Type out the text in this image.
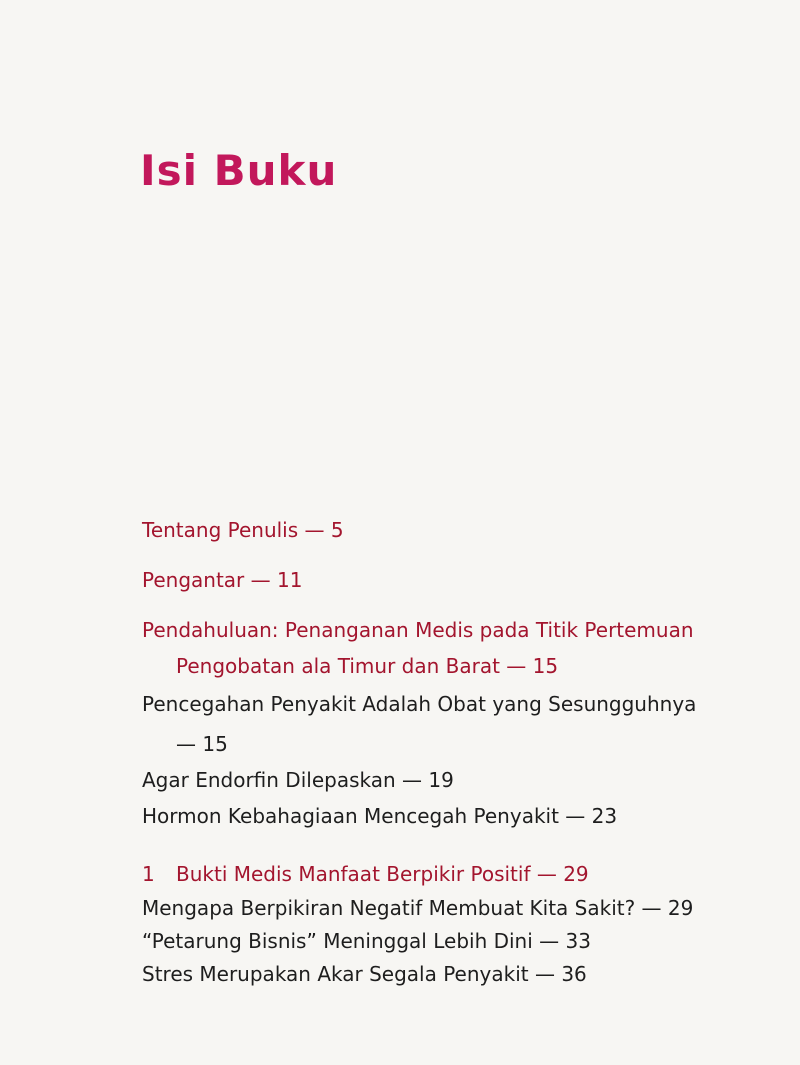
Isi Buku

Tentang Penulis — 5

Pengantar — 11

Pendahuluan: Penanganan Medis pada Titik Pertemuan
Pengobatan ala Timur dan Barat — 15

Pencegahan Penyakit Adalah Obat yang Sesungguhnya
— 15

Agar Endorfin Dilepaskan — 19

Hormon Kebahagiaan Mencegah Penyakit — 23

1 Bukti Medis Manfaat Berpikir Positif — 29

Mengapa Berpikiran Negatif Membuat Kita Sakit? — 29

“Petarung Bisnis” Meninggal Lebih Dini — 33

Stres Merupakan Akar Segala Penyakit — 36
